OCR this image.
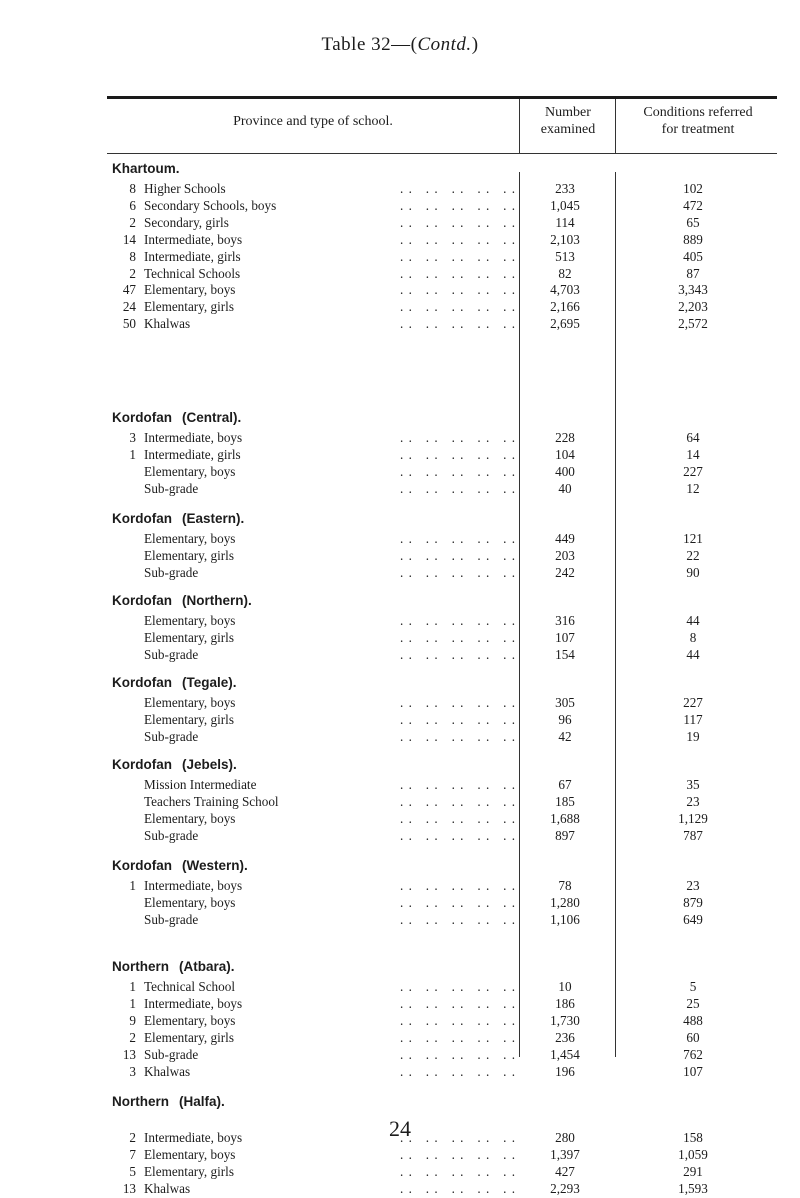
Table 32—(Contd.)
Province and type of school.
Number
examined
Conditions referred
for treatment
Khartoum.
8 Higher Schools	233	102
. .   . .   . .   . .   . .
6 Secondary Schools, boys	1,045	472
. .   . .   . .   . .   . .
2 Secondary, girls	114	65
. .   . .   . .   . .   . .
14 Intermediate, boys	2,103	889
. .   . .   . .   . .   . .
8 Intermediate, girls	513	405
. .   . .   . .   . .   . .
2 Technical Schools	82	87
. .   . .   . .   . .   . .
47 Elementary, boys	4,703	3,343
. .   . .   . .   . .   . .
24 Elementary, girls	2,166	2,203
. .   . .   . .   . .   . .
50 Khalwas	2,695	2,572
. .   . .   . .   . .   . .
Kordofan (Central).
3 Intermediate, boys	228	64
. .   . .   . .   . .   . .
1 Intermediate, girls	104	14
. .   . .   . .   . .   . .
Elementary, boys	400	227
. .   . .   . .   . .   . .
Sub-grade	40	12
. .   . .   . .   . .   . .
Kordofan (Eastern).
Elementary, boys	449	121
. .   . .   . .   . .   . .
Elementary, girls	203	22
. .   . .   . .   . .   . .
Sub-grade	242	90
. .   . .   . .   . .   . .
Kordofan (Northern).
Elementary, boys	316	44
. .   . .   . .   . .   . .
Elementary, girls	107	8
. .   . .   . .   . .   . .
Sub-grade	154	44
. .   . .   . .   . .   . .
Kordofan (Tegale).
Elementary, boys	305	227
. .   . .   . .   . .   . .
Elementary, girls	96	117
. .   . .   . .   . .   . .
Sub-grade	42	19
. .   . .   . .   . .   . .
Kordofan (Jebels).
Mission Intermediate	67	35
. .   . .   . .   . .   . .
Teachers Training School	185	23
. .   . .   . .   . .   . .
Elementary, boys	1,688	1,129
. .   . .   . .   . .   . .
Sub-grade	897	787
. .   . .   . .   . .   . .
Kordofan (Western).
1 Intermediate, boys	78	23
. .   . .   . .   . .   . .
Elementary, boys	1,280	879
. .   . .   . .   . .   . .
Sub-grade	1,106	649
. .   . .   . .   . .   . .
Northern (Atbara).
1 Technical School	10	5
. .   . .   . .   . .   . .
1 Intermediate, boys	186	25
. .   . .   . .   . .   . .
9 Elementary, boys	1,730	488
. .   . .   . .   . .   . .
2 Elementary, girls	236	60
. .   . .   . .   . .   . .
13 Sub-grade	1,454	762
. .   . .   . .   . .   . .
3 Khalwas	196	107
. .   . .   . .   . .   . .
Northern (Halfa).
2 Intermediate, boys	280	158
. .   . .   . .   . .   . .
7 Elementary, boys	1,397	1,059
. .   . .   . .   . .   . .
5 Elementary, girls	427	291
. .   . .   . .   . .   . .
13 Khalwas	2,293	1,593
. .   . .   . .   . .   . .
24
